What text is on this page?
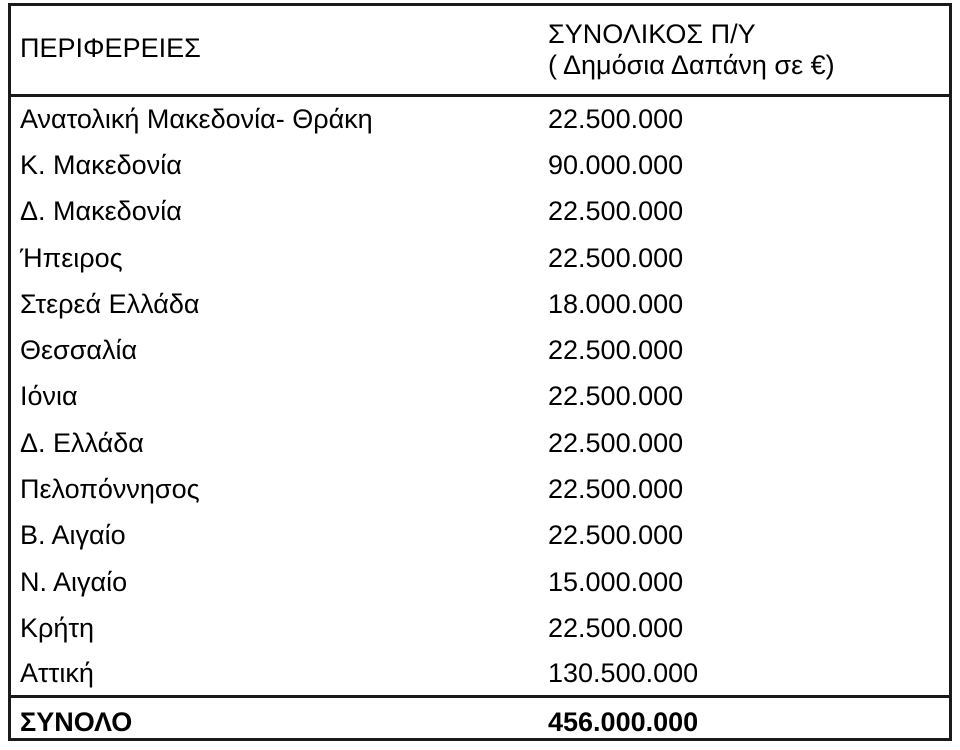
ΠΕΡΙΦΕΡΕΙΕΣ	ΣΥΝΟΛΙΚΟΣ Π/Υ
( Δημόσια Δαπάνη σε €)

Ανατολική Μακεδονία- Θράκη	22.500.000
Κ. Μακεδονία	90.000.000
Δ. Μακεδονία	22.500.000
Ήπειρος	22.500.000
Στερεά Ελλάδα	18.000.000
Θεσσαλία	22.500.000
Ιόνια	22.500.000
Δ. Ελλάδα	22.500.000
Πελοπόννησος	22.500.000
Β. Αιγαίο	22.500.000
Ν. Αιγαίο	15.000.000
Κρήτη	22.500.000
Αττική	130.500.000
ΣΥΝΟΛΟ	456.000.000
